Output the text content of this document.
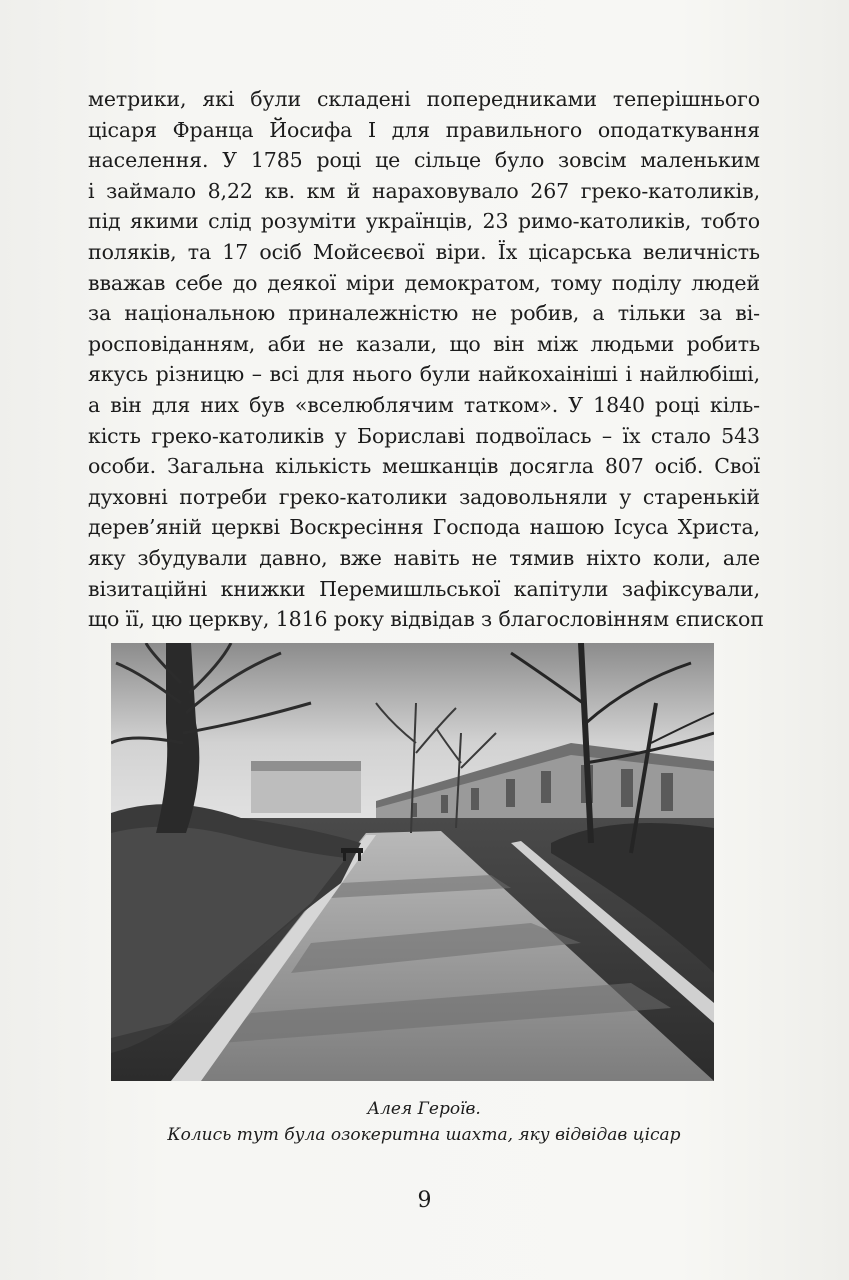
метрики, які були складені попередниками теперішнього
цісаря Франца Йосифа I для правильного оподаткування
населення. У 1785 році це сільце було зовсім маленьким
і займало 8,22 кв. км й нараховувало 267 греко-католиків,
під якими слід розуміти українців, 23 римо-католиків, тобто
поляків, та 17 осіб Мойсеєвої віри. Їх цісарська величність
вважав себе до деякої міри демократом, тому поділу людей
за національною приналежністю не робив, а тільки за ві-
росповіданням, аби не казали, що він між людьми робить
якусь різницю – всі для нього були найкохаініші і найлюбіші,
а він для них був «вселюблячим татком». У 1840 році кіль-
кість греко-католиків у Бориславі подвоїлась – їх стало 543
особи. Загальна кількість мешканців досягла 807 осіб. Свої
духовні потреби греко-католики задовольняли у старенькій
дерев’яній церкві Воскресіння Господа нашою Ісуса Христа,
яку збудували давно, вже навіть не тямив ніхто коли, але
візитаційні книжки Перемишльської капітули зафіксували,
що її, цю церкву, 1816 року відвідав з благословінням єпископ
Алея Героїв.
Колись тут була озокеритна шахта, яку відвідав цісар
9
